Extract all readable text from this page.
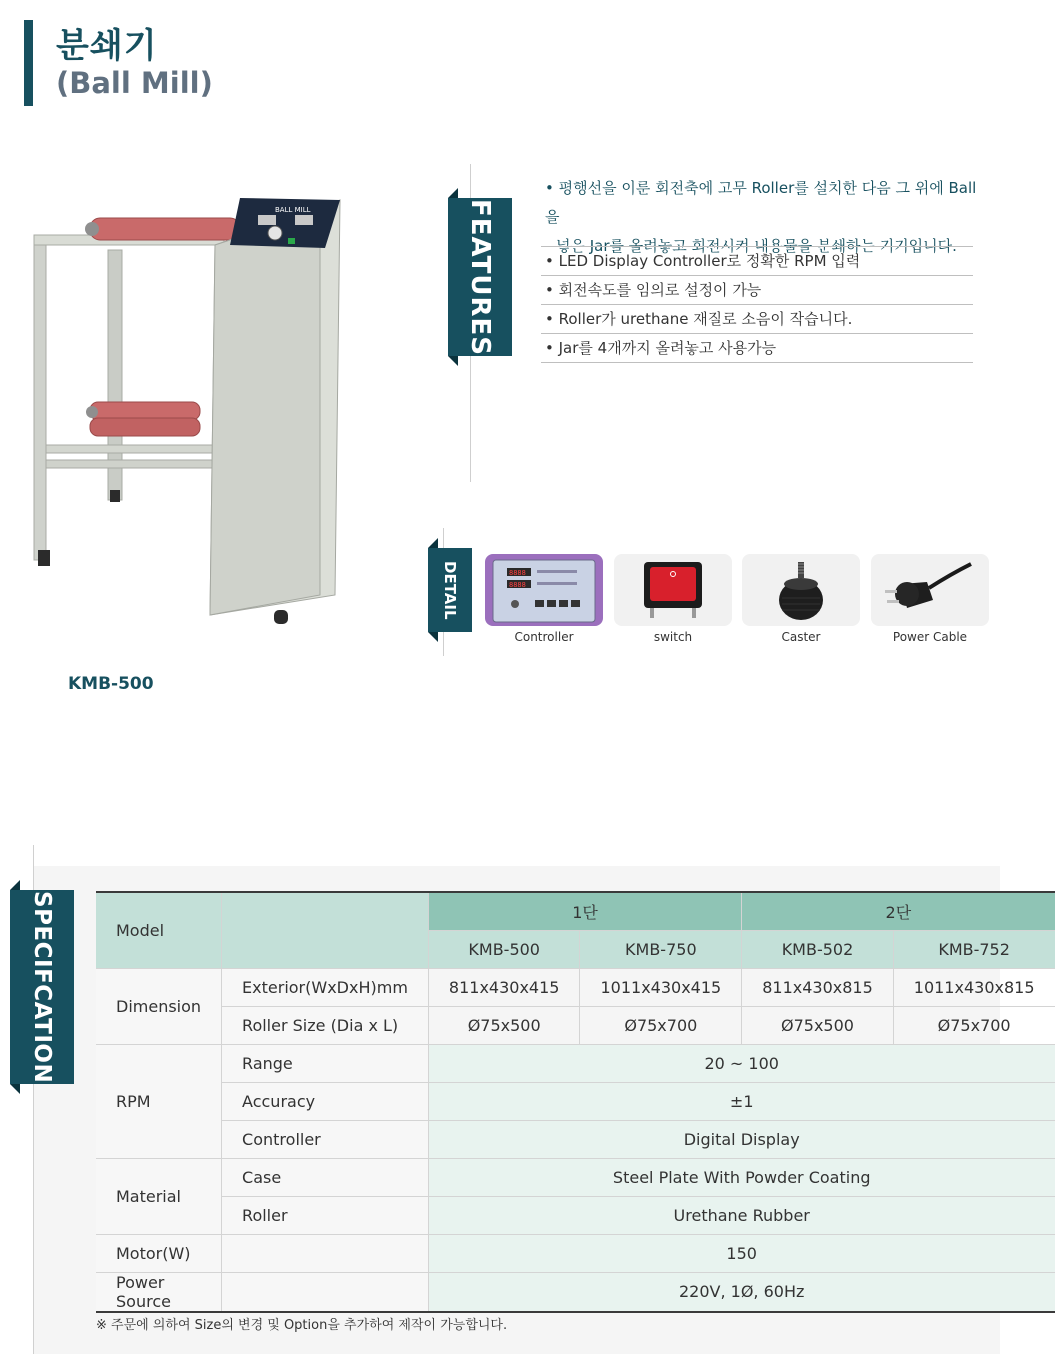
분쇄기
(Ball Mill)
BALL MILL
KMB-500
FEATURES
• 평행선을 이룬 회전축에 고무 Roller를 설치한 다음 그 위에 Ball을
넣은 Jar를 올려놓고 회전시켜 내용물을 분쇄하는 기기입니다.
• LED Display Controller로 정확한 RPM 입력
• 회전속도를 임의로 설정이 가능
• Roller가 urethane 재질로 소음이 작습니다.
• Jar를 4개까지 올려놓고 사용가능
DETAIL	8888
8888
Controller	switch	Caster	Power Cable
SPECIFCATION	Model		1단		2단	
		KMB-500	KMB-750	KMB-502	KMB-752
Dimension	Exterior(WxDxH)mm	811x430x415	1011x430x415	811x430x815	1011x430x815
	Roller Size (Dia x L)	Ø75x500	Ø75x700	Ø75x500	Ø75x700
RPM	Range	20 ~ 100			
	Accuracy	±1			
	Controller	Digital Display			
Material	Case	Steel Plate With Powder Coating			
	Roller	Urethane Rubber			
Motor(W)		150			
Power Source		220V, 1Ø, 60Hz			
※ 주문에 의하여 Size의 변경 및 Option을 추가하여 제작이 가능합니다.
